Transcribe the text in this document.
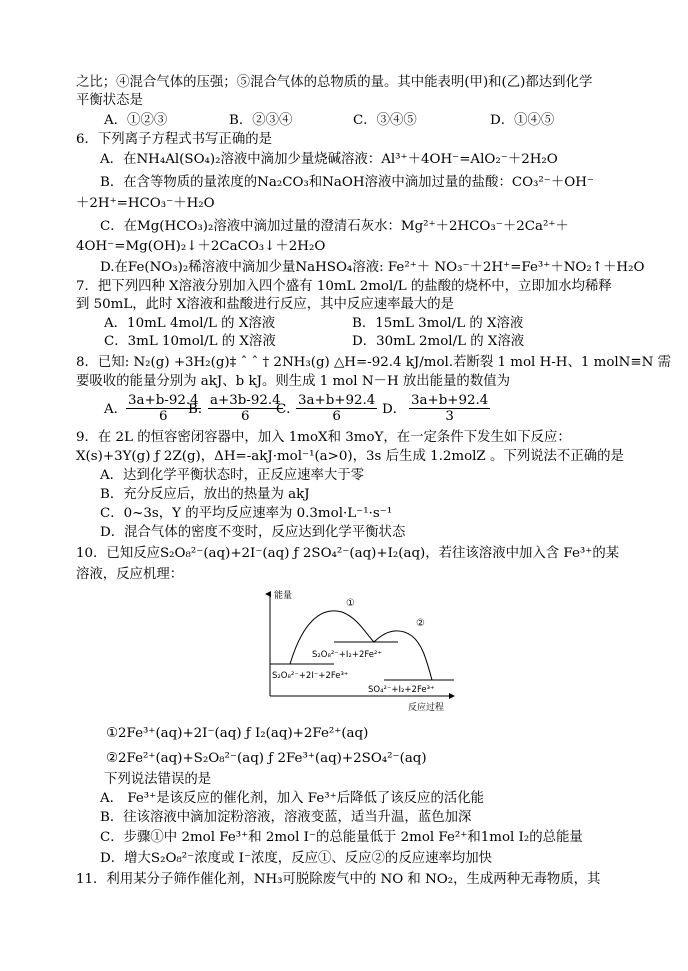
之比；④混合气体的压强；⑤混合气体的总物质的量。其中能表明(甲)和(乙)都达到化学
平衡状态是
A．①②③	B．②③④	C．③④⑤	D．①④⑤
6．下列离子方程式书写正确的是
A．在NH₄Al(SO₄)₂溶液中滴加少量烧碱溶液：Al³⁺＋4OH⁻=AlO₂⁻＋2H₂O
B．在含等物质的量浓度的Na₂CO₃和NaOH溶液中滴加过量的盐酸：CO₃²⁻＋OH⁻
＋2H⁺=HCO₃⁻＋H₂O
C．在Mg(HCO₃)₂溶液中滴加过量的澄清石灰水：Mg²⁺＋2HCO₃⁻＋2Ca²⁺＋
4OH⁻=Mg(OH)₂↓＋2CaCO₃↓＋2H₂O
D.在Fe(NO₃)₂稀溶液中滴加少量NaHSO₄溶液: Fe²⁺＋ NO₃⁻＋2H⁺=Fe³⁺＋NO₂↑＋H₂O
7．把下列四种 X溶液分别加入四个盛有 10mL 2mol/L 的盐酸的烧杯中，立即加水均稀释
到 50mL，此时 X溶液和盐酸进行反应，其中反应速率最大的是
A．10mL 4mol/L 的 X溶液	B．15mL 3mol/L 的 X溶液
C．3mL 10mol/L 的 X溶液	D．30mL 2mol/L 的 X溶液
8．已知: N₂(g) +3H₂(g)‡ ˆ ˆ † 2NH₃(g) △H=-92.4 kJ/mol.若断裂 1 mol H-H、1 molN≡N 需
要吸收的能量分别为 akJ、b kJ。则生成 1 mol N－H 放出能量的数值为
A．
$\frac{3a+b-92.4}{6}$
B．
$\frac{a+3b-92.4}{6}$
C．
$\frac{3a+b+92.4}{6}$ D． $\frac{3a+b+92.4}{3}$
9．在 2L 的恒容密闭容器中，加入 1moX和 3moY，在一定条件下发生如下反应：
X(s)+3Y(g) ƒ 2Z(g)，ΔH=-akJ·mol⁻¹(a>0)，3s 后生成 1.2molZ 。下列说法不正确的是
A．达到化学平衡状态时，正反应速率大于零
B．充分反应后，放出的热量为 akJ
C．0~3s，Y 的平均反应速率为 0.3mol·L⁻¹·s⁻¹
D．混合气体的密度不变时，反应达到化学平衡状态
10．已知反应S₂O₈²⁻(aq)+2I⁻(aq) ƒ 2SO₄²⁻(aq)+I₂(aq)，若往该溶液中加入含 Fe³⁺的某
溶液，反应机理：
能量
反应过程
①
②
S₂O₈²⁻+I₂+2Fe²⁺
S₂O₈²⁻+2I⁻+2Fe³⁺
SO₄²⁻+I₂+2Fe³⁺
①2Fe³⁺(aq)+2I⁻(aq) ƒ I₂(aq)+2Fe²⁺(aq)
②2Fe²⁺(aq)+S₂O₈²⁻(aq) ƒ 2Fe³⁺(aq)+2SO₄²⁻(aq)
下列说法错误的是
A． Fe³⁺是该反应的催化剂，加入 Fe³⁺后降低了该反应的活化能
B．往该溶液中滴加淀粉溶液，溶液变蓝，适当升温，蓝色加深
C．步骤①中 2mol Fe³⁺和 2mol I⁻的总能量低于 2mol Fe²⁺和1mol I₂的总能量
D．增大S₂O₈²⁻浓度或 I⁻浓度，反应①、反应②的反应速率均加快
11．利用某分子筛作催化剂，NH₃可脱除废气中的 NO 和 NO₂，生成两种无毒物质，其
